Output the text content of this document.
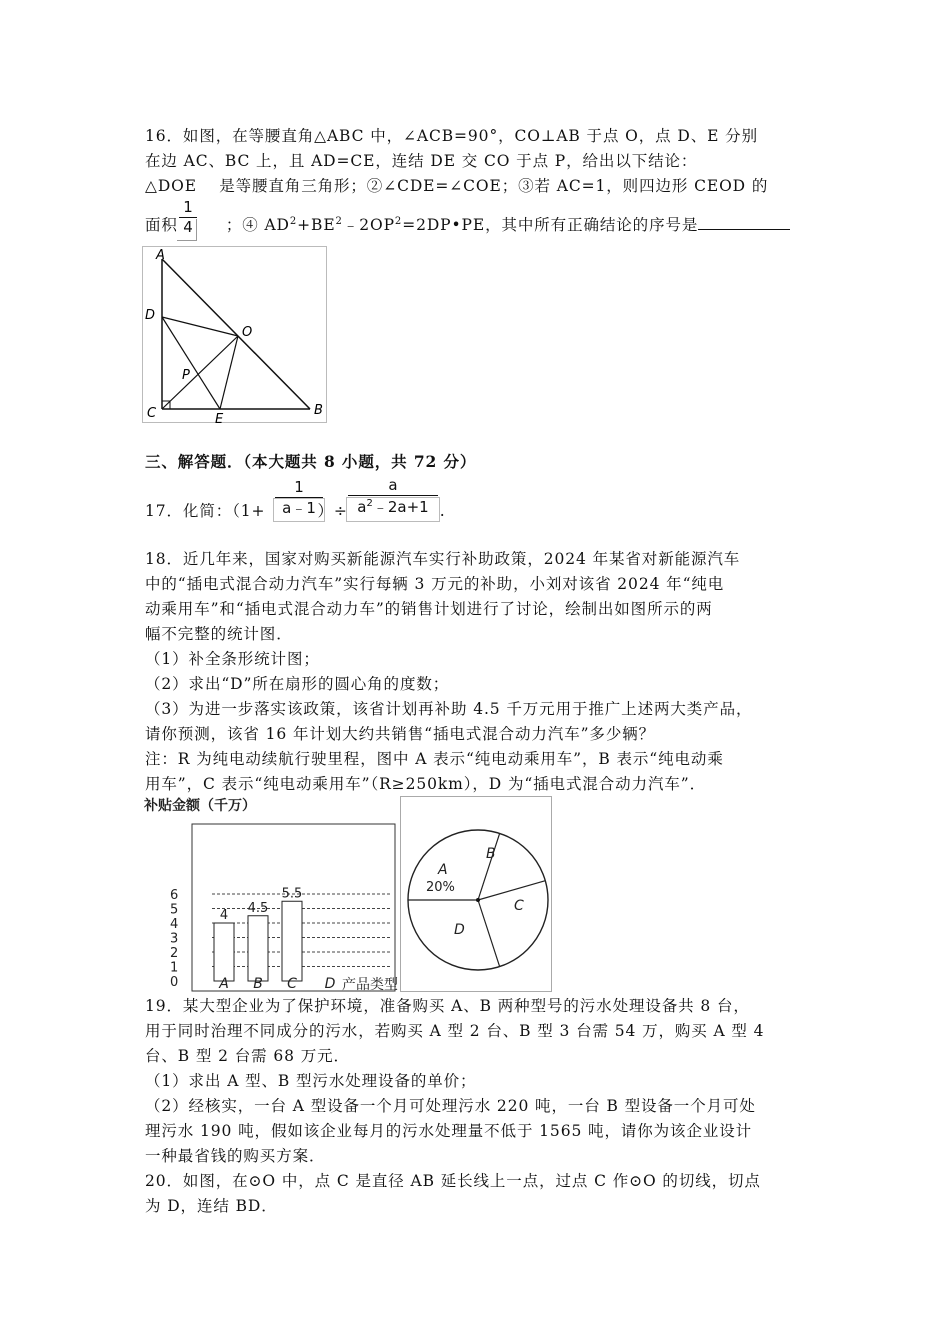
16．如图，在等腰直角△ABC 中，∠ACB=90°，CO⊥AB 于点 O，点 D、E 分别
在边 AC、BC 上，且 AD=CE，连结 DE 交 CO 于点 P，给出以下结论：
△DOE　 是等腰直角三角形；②∠CDE=∠COE；③若 AC=1，则四边形 CEOD 的
面积	；④ $AD^2+BE^2﹣2OP^2=2DP•PE$，其中所有正确结论的序号是
1
4
A
D
O
P
C	E
B
三、解答题．（本大题共 8 小题，共 72 分）
17．化简：（1+	）÷	.
1
a﹣1
a
$a^2﹣2a+1$
18．近几年来，国家对购买新能源汽车实行补助政策，2024 年某省对新能源汽车
中的“插电式混合动力汽车”实行每辆 3 万元的补助，小刘对该省 2024 年“纯电
动乘用车”和“插电式混合动力车”的销售计划进行了讨论，绘制出如图所示的两
幅不完整的统计图．
（1）补全条形统计图；
（2）求出“D”所在扇形的圆心角的度数；
（3）为进一步落实该政策，该省计划再补助 4.5 千万元用于推广上述两大类产品，
请你预测，该省 16 年计划大约共销售“插电式混合动力汽车”多少辆？
注：R 为纯电动续航行驶里程，图中 A 表示“纯电动乘用车”，B 表示“纯电动乘
用车”，C 表示“纯电动乘用车”（R≥250km），D 为“插电式混合动力汽车”．
补贴金额（千万）
0
1
2
3
4
5
6
4 4.5
5.5
A B C D 产品类型
A
20%
B
C
D
19．某大型企业为了保护环境，准备购买 A、B 两种型号的污水处理设备共 8 台，
用于同时治理不同成分的污水，若购买 A 型 2 台、B 型 3 台需 54 万，购买 A 型 4
台、B 型 2 台需 68 万元．
（1）求出 A 型、B 型污水处理设备的单价；
（2）经核实，一台 A 型设备一个月可处理污水 220 吨，一台 B 型设备一个月可处
理污水 190 吨，假如该企业每月的污水处理量不低于 1565 吨，请你为该企业设计
一种最省钱的购买方案．
20．如图，在⊙O 中，点 C 是直径 AB 延长线上一点，过点 C 作⊙O 的切线，切点
为 D，连结 BD．
